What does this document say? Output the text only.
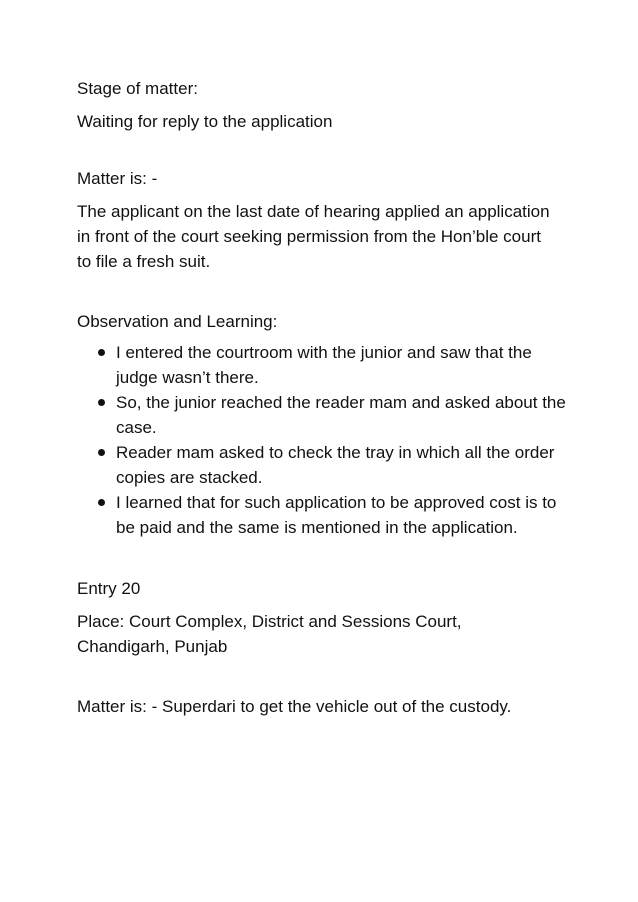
Stage of matter:

Waiting for reply to the application

Matter is: -

The applicant on the last date of hearing applied an application in front of the court seeking permission from the Hon’ble court to file a fresh suit.

Observation and Learning:

I entered the courtroom with the junior and saw that the judge wasn’t there.
So, the junior reached the reader mam and asked about the case.
Reader mam asked to check the tray in which all the order copies are stacked.
I learned that for such application to be approved cost is to be paid and the same is mentioned in the application.

Entry 20

Place: Court Complex, District and Sessions Court, Chandigarh, Punjab

Matter is: - Superdari to get the vehicle out of the custody.
